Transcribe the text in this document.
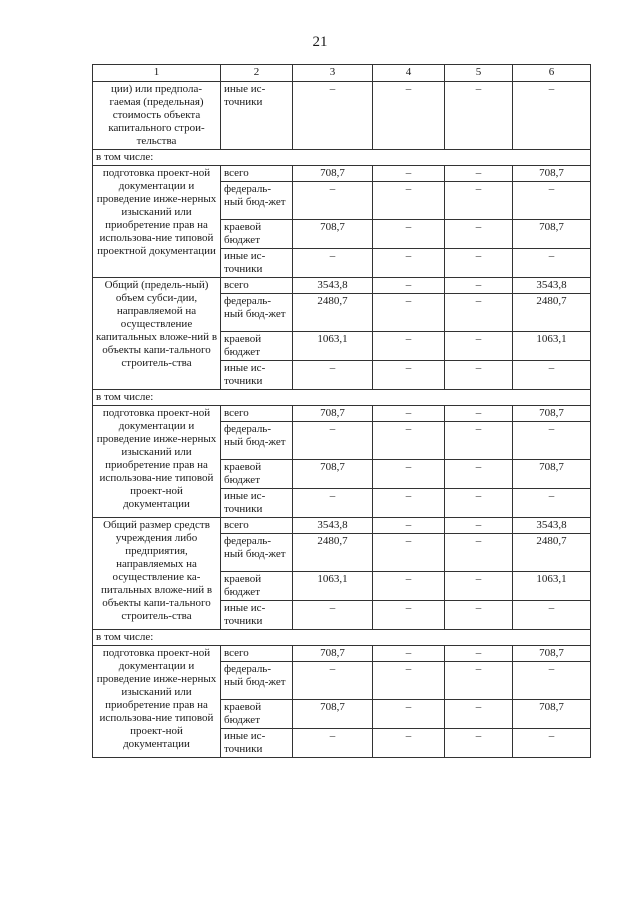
21
1	2	3	4	5	6
ции) или предпола-гаемая (предельная) стоимость объекта капитального строи-тельства	иные ис-точники	–	–	–	–
в том числе:					
подготовка проект-ной документации и проведение инже-нерных изысканий или приобретение прав на использова-ние типовой проектной документации	всего	708,7	–	–	708,7
	федераль-ный бюд-жет	–	–	–	–
	краевой бюджет	708,7	–	–	708,7
	иные ис-точники	–	–	–	–
Общий (предель-ный) объем субси-дии, направляемой на осуществление капитальных вложе-ний в объекты капи-тального строитель-ства	всего	3543,8	–	–	3543,8
	федераль-ный бюд-жет	2480,7	–	–	2480,7
	краевой бюджет	1063,1	–	–	1063,1
	иные ис-точники	–	–	–	–
в том числе:					
подготовка проект-ной документации и проведение инже-нерных изысканий или приобретение прав на использова-ние типовой проект-ной документации	всего	708,7	–	–	708,7
	федераль-ный бюд-жет	–	–	–	–
	краевой бюджет	708,7	–	–	708,7
	иные ис-точники	–	–	–	–
Общий размер средств учреждения либо предприятия, направляемых на осуществление ка-питальных вложе-ний в объекты капи-тального строитель-ства	всего	3543,8	–	–	3543,8
	федераль-ный бюд-жет	2480,7	–	–	2480,7
	краевой бюджет	1063,1	–	–	1063,1
	иные ис-точники	–	–	–	–
в том числе:					
подготовка проект-ной документации и проведение инже-нерных изысканий или приобретение прав на использова-ние типовой проект-ной документации	всего	708,7	–	–	708,7
	федераль-ный бюд-жет	–	–	–	–
	краевой бюджет	708,7	–	–	708,7
	иные ис-точники	–	–	–	–
